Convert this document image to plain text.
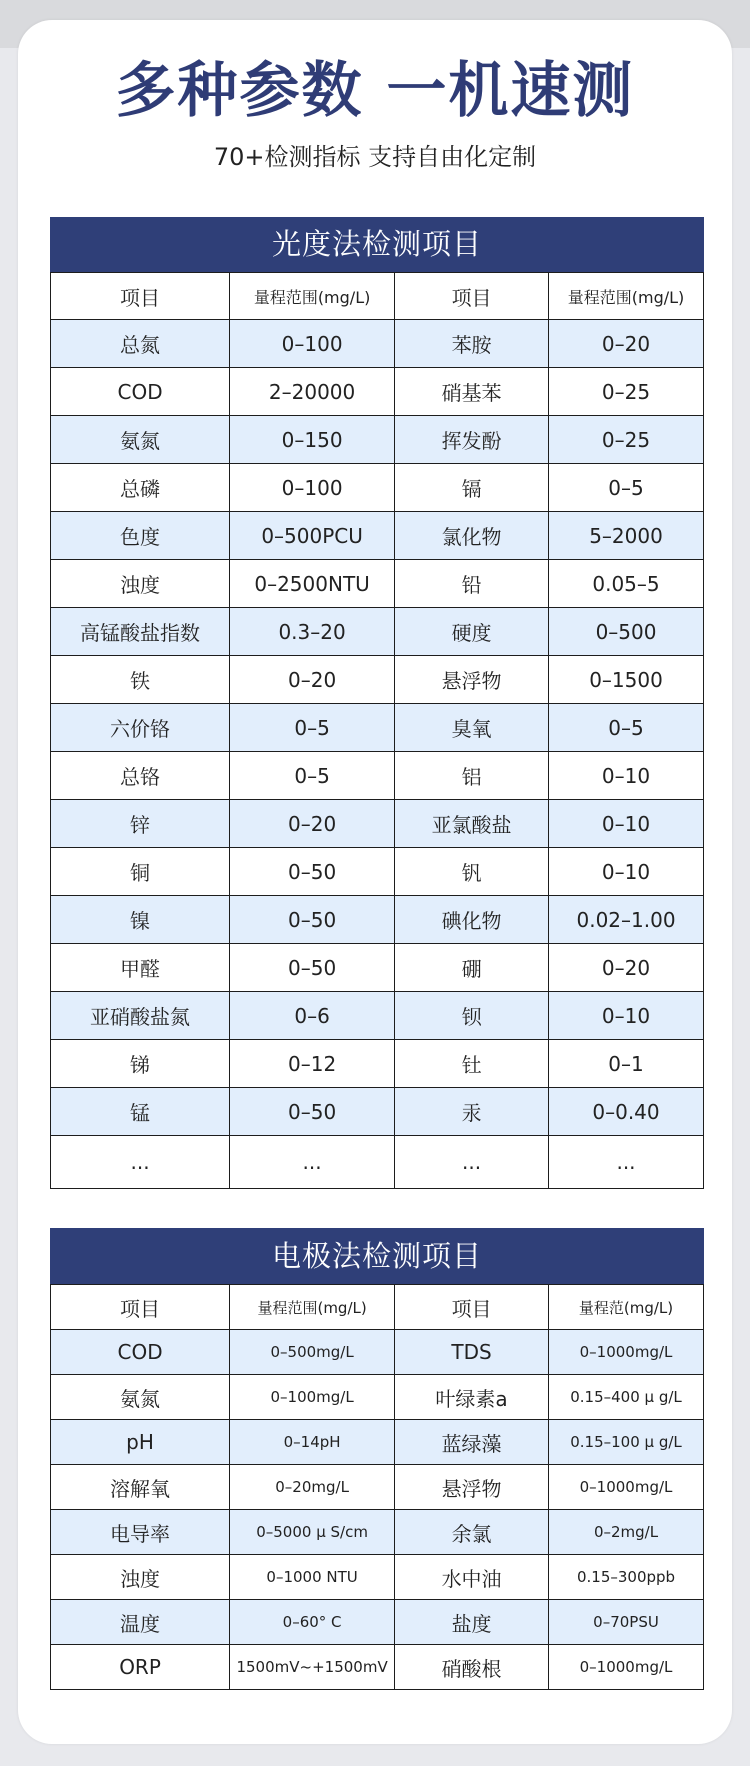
多种参数 一机速测
70+检测指标 支持自由化定制
光度法检测项目
项目	量程范围(mg/L)	项目	量程范围(mg/L)
总氮	0–100	苯胺	0–20
COD	2–20000	硝基苯	0–25
氨氮	0–150	挥发酚	0–25
总磷	0–100	镉	0–5
色度	0–500PCU	氯化物	5–2000
浊度	0–2500NTU	铅	0.05–5
高锰酸盐指数	0.3–20	硬度	0–500
铁	0–20	悬浮物	0–1500
六价铬	0–5	臭氧	0–5
总铬	0–5	铝	0–10
锌	0–20	亚氯酸盐	0–10
铜	0–50	钒	0–10
镍	0–50	碘化物	0.02–1.00
甲醛	0–50	硼	0–20
亚硝酸盐氮	0–6	钡	0–10
锑	0–12	钍	0–1
锰	0–50	汞	0–0.40
...	...	...	...
电极法检测项目
项目	量程范围(mg/L)	项目	量程范(mg/L)
COD	0–500mg/L	TDS	0–1000mg/L
氨氮	0–100mg/L	叶绿素a	0.15–400 μ g/L
pH	0–14pH	蓝绿藻	0.15–100 μ g/L
溶解氧	0–20mg/L	悬浮物	0–1000mg/L
电导率	0–5000 μ S/cm	余氯	0–2mg/L
浊度	0–1000 NTU	水中油	0.15–300ppb
温度	0–60° C	盐度	0–70PSU
ORP	1500mV~+1500mV	硝酸根	0–1000mg/L
